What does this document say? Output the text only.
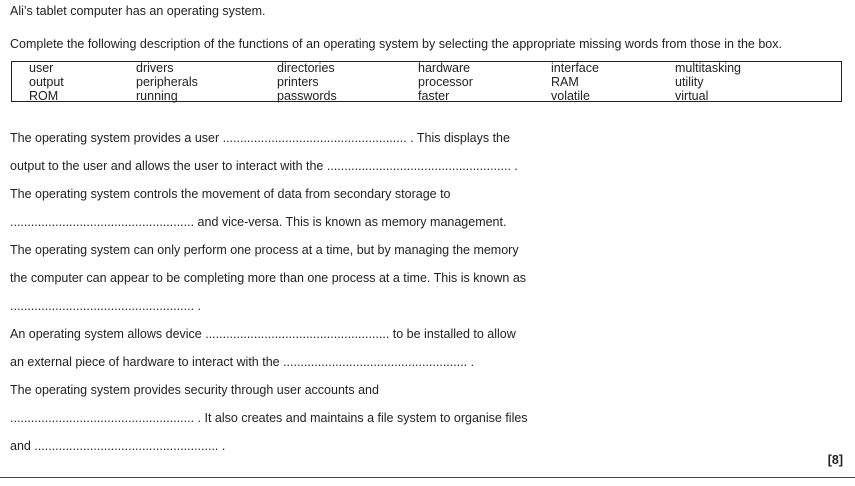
Ali’s tablet computer has an operating system.
Complete the following description of the functions of an operating system by selecting the appropriate missing words from those in the box.
user
output
ROM
drivers
peripherals
running
directories
printers
passwords
hardware
processor
faster
interface
RAM
volatile
multitasking
utility
virtual
The operating system provides a user ..................................................... . This displays the
output to the user and allows the user to interact with the ..................................................... .
The operating system controls the movement of data from secondary storage to
..................................................... and vice-versa. This is known as memory management.
The operating system can only perform one process at a time, but by managing the memory
the computer can appear to be completing more than one process at a time. This is known as
..................................................... .
An operating system allows device ..................................................... to be installed to allow
an external piece of hardware to interact with the ..................................................... .
The operating system provides security through user accounts and
..................................................... . It also creates and maintains a file system to organise files
and ..................................................... .
[8]
